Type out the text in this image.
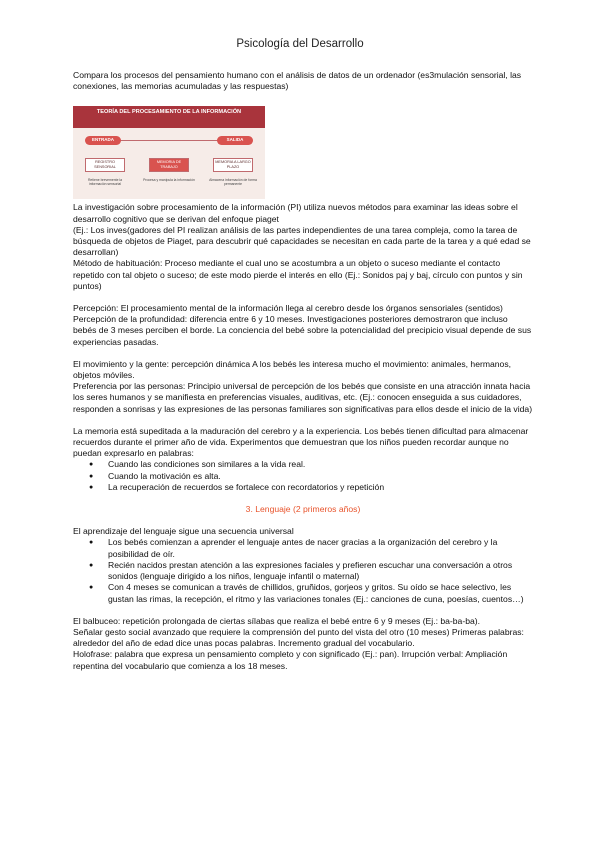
Psicología del Desarrollo

Compara los procesos del pensamiento humano con el análisis de datos de un ordenador (es3mulación sensorial, las conexiones, las memorias acumuladas y las respuestas)

TEORÍA DEL PROCESAMIENTO DE LA INFORMACIÓN
ENTRADA	SALIDA
REGISTRO SENSORIAL
MEMORIA DE TRABAJO
MEMORIA A LARGO PLAZO
Retiene brevemente la información sensorial
Procesa y manipula la información	Almacena información de forma permanente

La investigación sobre procesamiento de la información (PI) utiliza nuevos métodos para examinar las ideas sobre el desarrollo cognitivo que se derivan del enfoque piaget

(Ej.: Los inves(gadores del PI realizan análisis de las partes independientes de una tarea compleja, como la tarea de búsqueda de objetos de Piaget, para descubrir qué capacidades se necesitan en cada parte de la tarea y a qué edad se desarrollan)

Método de habituación: Proceso mediante el cual uno se acostumbra a un objeto o suceso mediante el contacto repetido con tal objeto o suceso; de este modo pierde el interés en ello (Ej.: Sonidos paj y baj, círculo con puntos y sin puntos)

Percepción: El procesamiento mental de la información llega al cerebro desde los órganos sensoriales (sentidos)

Percepción de la profundidad: diferencia entre 6 y 10 meses. Investigaciones posteriores demostraron que incluso bebés de 3 meses perciben el borde. La conciencia del bebé sobre la potencialidad del precipicio visual depende de sus experiencias pasadas.

El movimiento y la gente: percepción dinámica A los bebés les interesa mucho el movimiento: animales, hermanos, objetos móviles.

Preferencia por las personas: Principio universal de percepción de los bebés que consiste en una atracción innata hacia los seres humanos y se manifiesta en preferencias visuales, auditivas, etc. (Ej.: conocen enseguida a sus cuidadores, responden a sonrisas y las expresiones de las personas familiares son significativas para ellos desde el inicio de la vida)

La memoria está supeditada a la maduración del cerebro y a la experiencia. Los bebés tienen dificultad para almacenar recuerdos durante el primer año de vida. Experimentos que demuestran que los niños pueden recordar aunque no puedan expresarlo en palabras:

● Cuando las condiciones son similares a la vida real.
● Cuando la motivación es alta.
● La recuperación de recuerdos se fortalece con recordatorios y repetición

3. Lenguaje (2 primeros años)

El aprendizaje del lenguaje sigue una secuencia universal

● Los bebés comienzan a aprender el lenguaje antes de nacer gracias a la organización del cerebro y la posibilidad de oír.
● Recién nacidos prestan atención a las expresiones faciales y prefieren escuchar una conversación a otros sonidos (lenguaje dirigido a los niños, lenguaje infantil o maternal)
● Con 4 meses se comunican a través de chillidos, gruñidos, gorjeos y gritos. Su oído se hace selectivo, les gustan las rimas, la recepción, el ritmo y las variaciones tonales (Ej.: canciones de cuna, poesías, cuentos…)

El balbuceo: repetición prolongada de ciertas sílabas que realiza el bebé entre 6 y 9 meses (Ej.: ba-ba-ba).

Señalar gesto social avanzado que requiere la comprensión del punto del vista del otro (10 meses) Primeras palabras: alrededor del año de edad dice unas pocas palabras. Incremento gradual del vocabulario.

Holofrase: palabra que expresa un pensamiento completo y con significado (Ej.: pan). Irrupción verbal: Ampliación repentina del vocabulario que comienza a los 18 meses.
